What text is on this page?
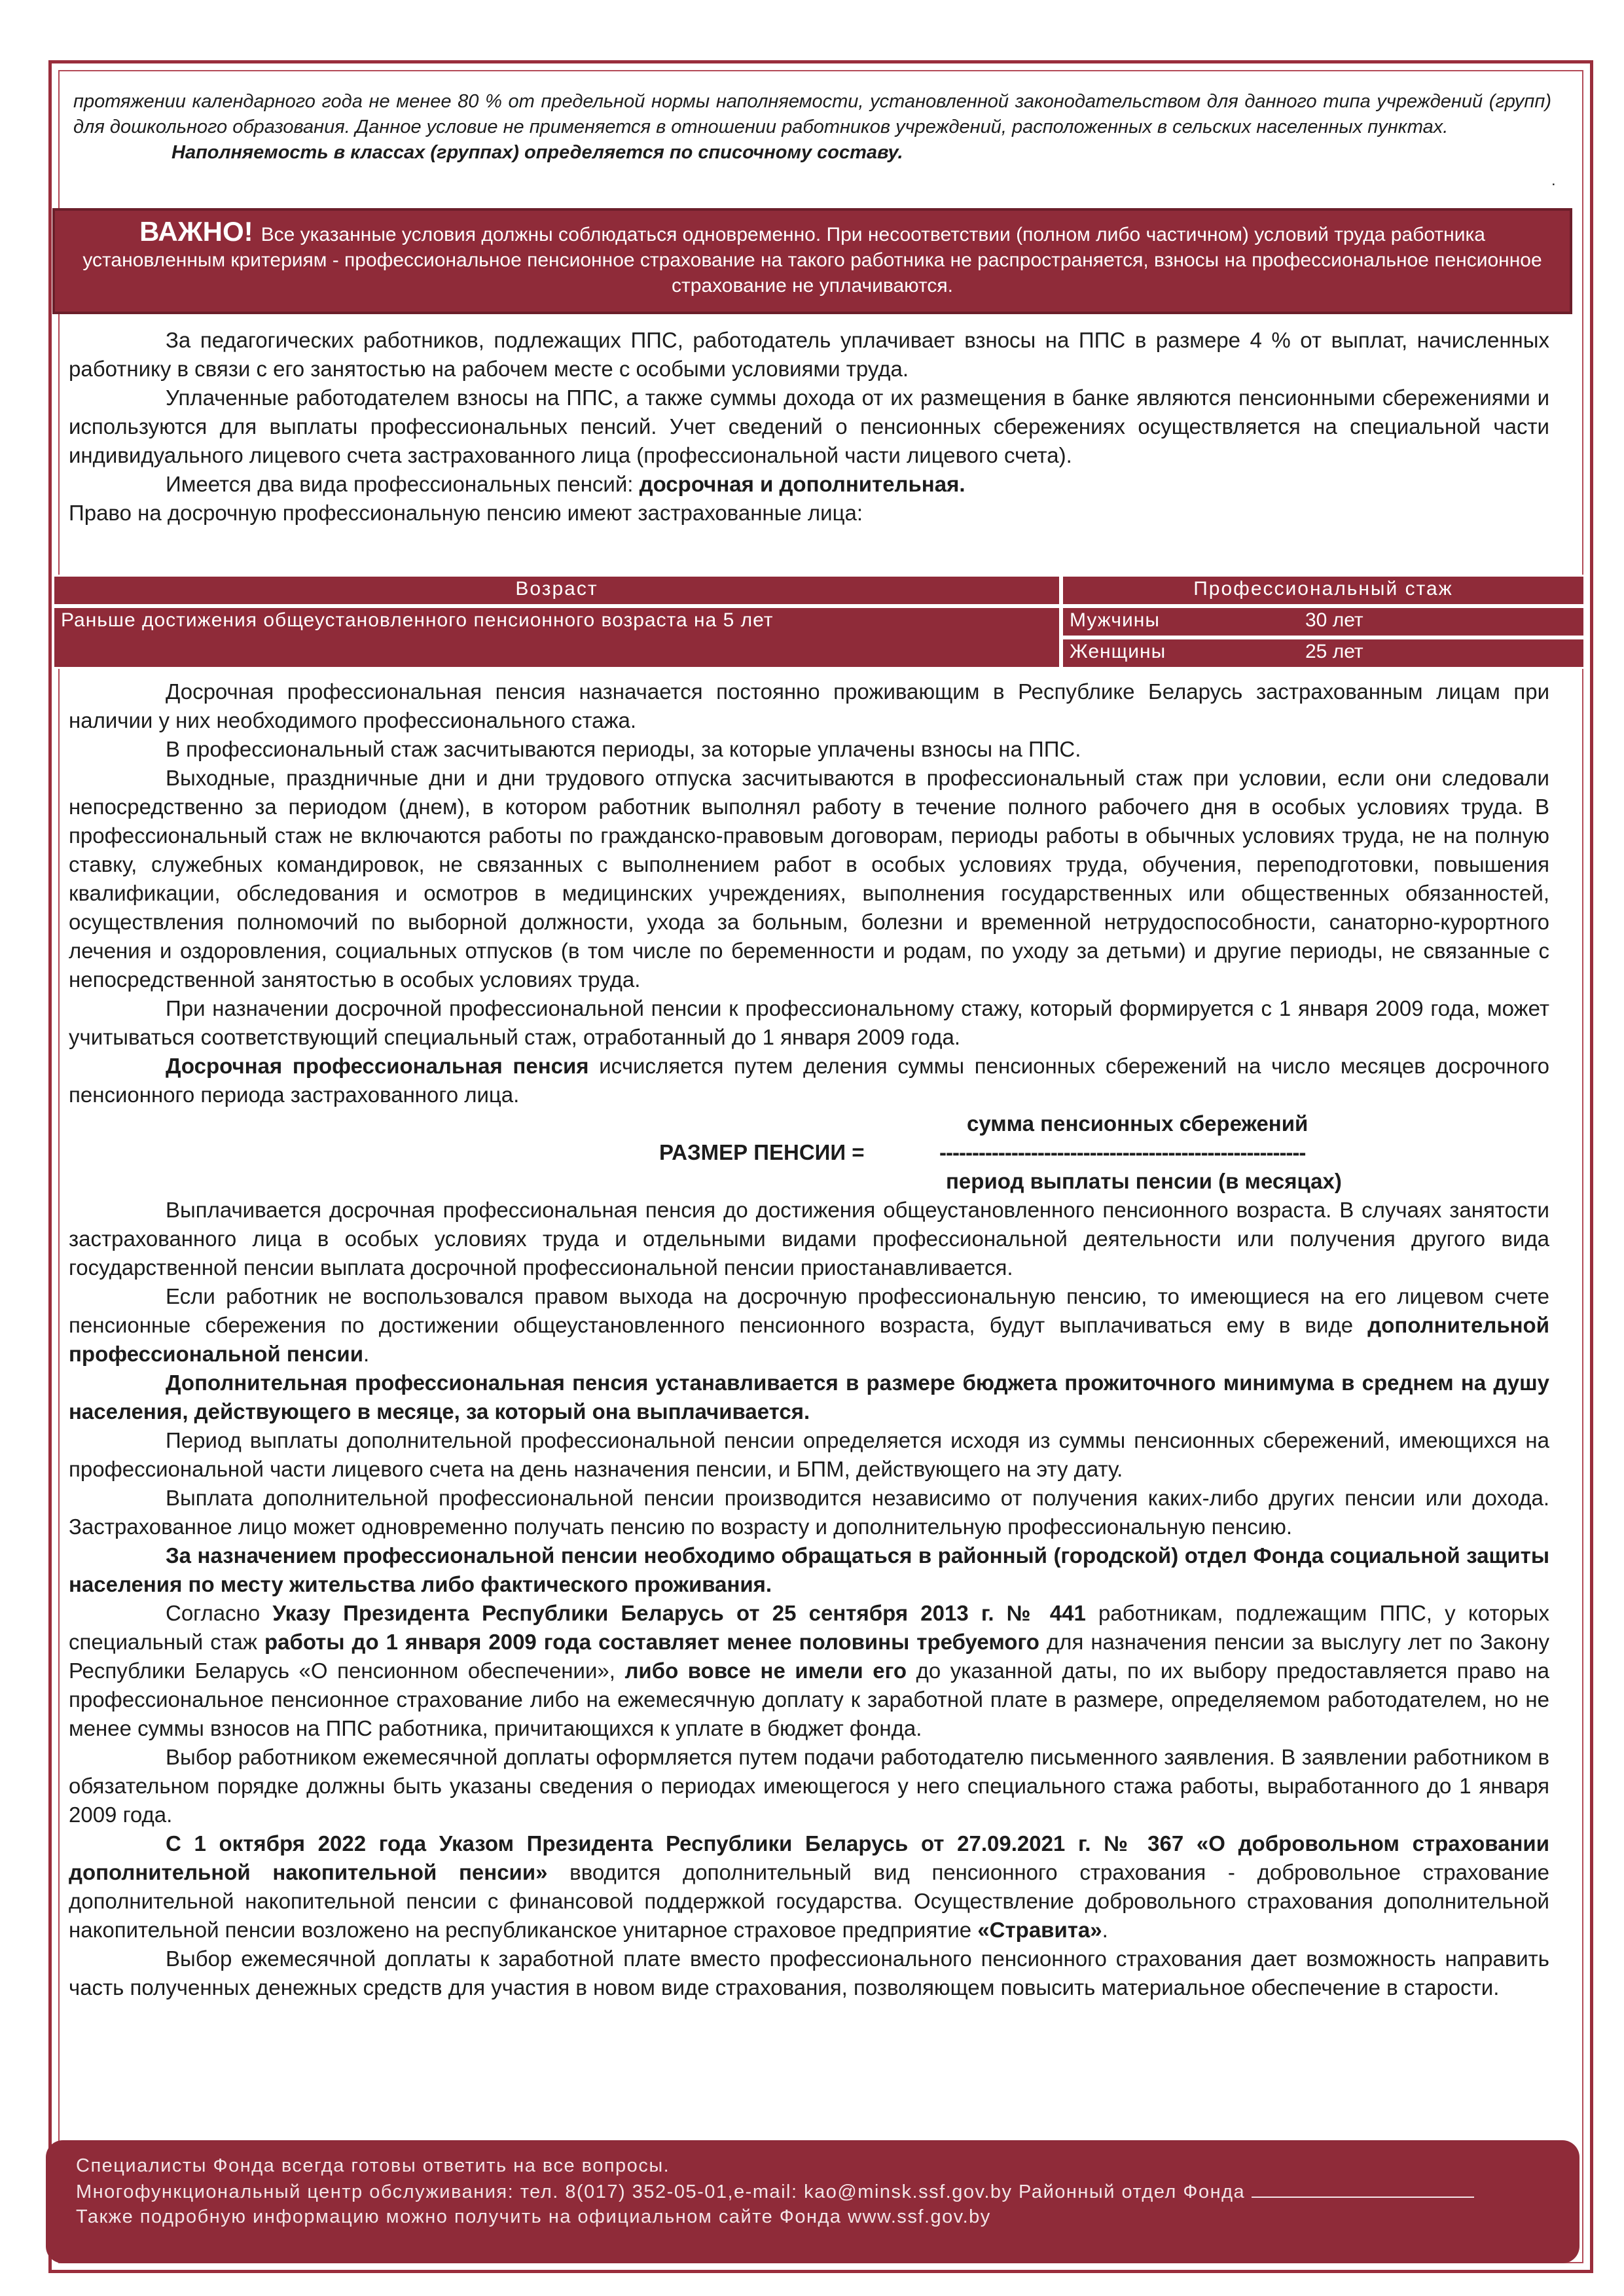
протяжении календарного года не менее 80 % от предельной нормы наполняемости, установленной законодательством для данного типа учреждений (групп) для дошкольного образования. Данное условие не применяется в отношении работников учреждений, расположенных в сельских населенных пунктах.

Наполняемость в классах (группах) определяется по списочному составу.

.
ВАЖНО! Все указанные условия должны соблюдаться одновременно. При несоответствии (полном либо частичном) условий труда работника установленным критериям - профессиональное пенсионное страхование на такого работника не распространяется, взносы на профессиональное пенсионное страхование не уплачиваются.

За педагогических работников, подлежащих ППС, работодатель уплачивает взносы на ППС в размере 4 % от выплат, начисленных работнику в связи с его занятостью на рабочем месте с особыми условиями труда.

Уплаченные работодателем взносы на ППС, а также суммы дохода от их размещения в банке являются пенсионными сбережениями и используются для выплаты профессиональных пенсий. Учет сведений о пенсионных сбережениях осуществляется на специальной части индивидуального лицевого счета застрахованного лица (профессиональной части лицевого счета).

Имеется два вида профессиональных пенсий: досрочная и дополнительная.

Право на досрочную профессиональную пенсию имеют застрахованные лица:

Возраст	Профессиональный стаж
Раньше достижения общеустановленного пенсионного возраста на 5 лет	Мужчины 30 лет

	Женщины 25 лет

Досрочная профессиональная пенсия назначается постоянно проживающим в Республике Беларусь застрахованным лицам при наличии у них необходимого профессионального стажа.

В профессиональный стаж засчитываются периоды, за которые уплачены взносы на ППС.

Выходные, праздничные дни и дни трудового отпуска засчитываются в профессиональный стаж при условии, если они следовали непосредственно за периодом (днем), в котором работник выполнял работу в течение полного рабочего дня в особых условиях труда. В профессиональный стаж не включаются работы по гражданско-правовым договорам, периоды работы в обычных условиях труда, не на полную ставку, служебных командировок, не связанных с выполнением работ в особых условиях труда, обучения, переподготовки, повышения квалификации, обследования и осмотров в медицинских учреждениях, выполнения государственных или общественных обязанностей, осуществления полномочий по выборной должности, ухода за больным, болезни и временной нетрудоспособности, санаторно-курортного лечения и оздоровления, социальных отпусков (в том числе по беременности и родам, по уходу за детьми) и другие периоды, не связанные с непосредственной занятостью в особых условиях труда.

При назначении досрочной профессиональной пенсии к профессиональному стажу, который формируется с 1 января 2009 года, может учитываться соответствующий специальный стаж, отработанный до 1 января 2009 года.

Досрочная профессиональная пенсия исчисляется путем деления суммы пенсионных сбережений на число месяцев досрочного пенсионного периода застрахованного лица.

сумма пенсионных сбережений
РАЗМЕР ПЕНСИИ =	--------------------------------------------------------
период выплаты пенсии (в месяцах)

Выплачивается досрочная профессиональная пенсия до достижения общеустановленного пенсионного возраста. В случаях занятости застрахованного лица в особых условиях труда и отдельными видами профессиональной деятельности или получения другого вида государственной пенсии выплата досрочной профессиональной пенсии приостанавливается.

Если работник не воспользовался правом выхода на досрочную профессиональную пенсию, то имеющиеся на его лицевом счете пенсионные сбережения по достижении общеустановленного пенсионного возраста, будут выплачиваться ему в виде дополнительной профессиональной пенсии.

Дополнительная профессиональная пенсия устанавливается в размере бюджета прожиточного минимума в среднем на душу населения, действующего в месяце, за который она выплачивается.

Период выплаты дополнительной профессиональной пенсии определяется исходя из суммы пенсионных сбережений, имеющихся на профессиональной части лицевого счета на день назначения пенсии, и БПМ, действующего на эту дату.

Выплата дополнительной профессиональной пенсии производится независимо от получения каких-либо других пенсии или дохода. Застрахованное лицо может одновременно получать пенсию по возрасту и дополнительную профессиональную пенсию.

За назначением профессиональной пенсии необходимо обращаться в районный (городской) отдел Фонда социальной защиты населения по месту жительства либо фактического проживания.

Согласно Указу Президента Республики Беларусь от 25 сентября 2013 г. № 441 работникам, подлежащим ППС, у которых специальный стаж работы до 1 января 2009 года составляет менее половины требуемого для назначения пенсии за выслугу лет по Закону Республики Беларусь «О пенсионном обеспечении», либо вовсе не имели его до указанной даты, по их выбору предоставляется право на профессиональное пенсионное страхование либо на ежемесячную доплату к заработной плате в размере, определяемом работодателем, но не менее суммы взносов на ППС работника, причитающихся к уплате в бюджет фонда.

Выбор работником ежемесячной доплаты оформляется путем подачи работодателю письменного заявления. В заявлении работником в обязательном порядке должны быть указаны сведения о периодах имеющегося у него специального стажа работы, выработанного до 1 января 2009 года.

С 1 октября 2022 года Указом Президента Республики Беларусь от 27.09.2021 г. № 367 «О добровольном страховании дополнительной накопительной пенсии» вводится дополнительный вид пенсионного страхования - добровольное страхование дополнительной накопительной пенсии с финансовой поддержкой государства. Осуществление добровольного страхования дополнительной накопительной пенсии возложено на республиканское унитарное страховое предприятие «Стравита».

Выбор ежемесячной доплаты к заработной плате вместо профессионального пенсионного страхования дает возможность направить часть полученных денежных средств для участия в новом виде страхования, позволяющем повысить материальное обеспечение в старости.

Специалисты Фонда всегда готовы ответить на все вопросы.

Многофункциональный центр обслуживания: тел. 8(017) 352-05-01,e-mail: kao@minsk.ssf.gov.by Районный отдел Фонда

Также подробную информацию можно получить на официальном сайте Фонда www.ssf.gov.by
